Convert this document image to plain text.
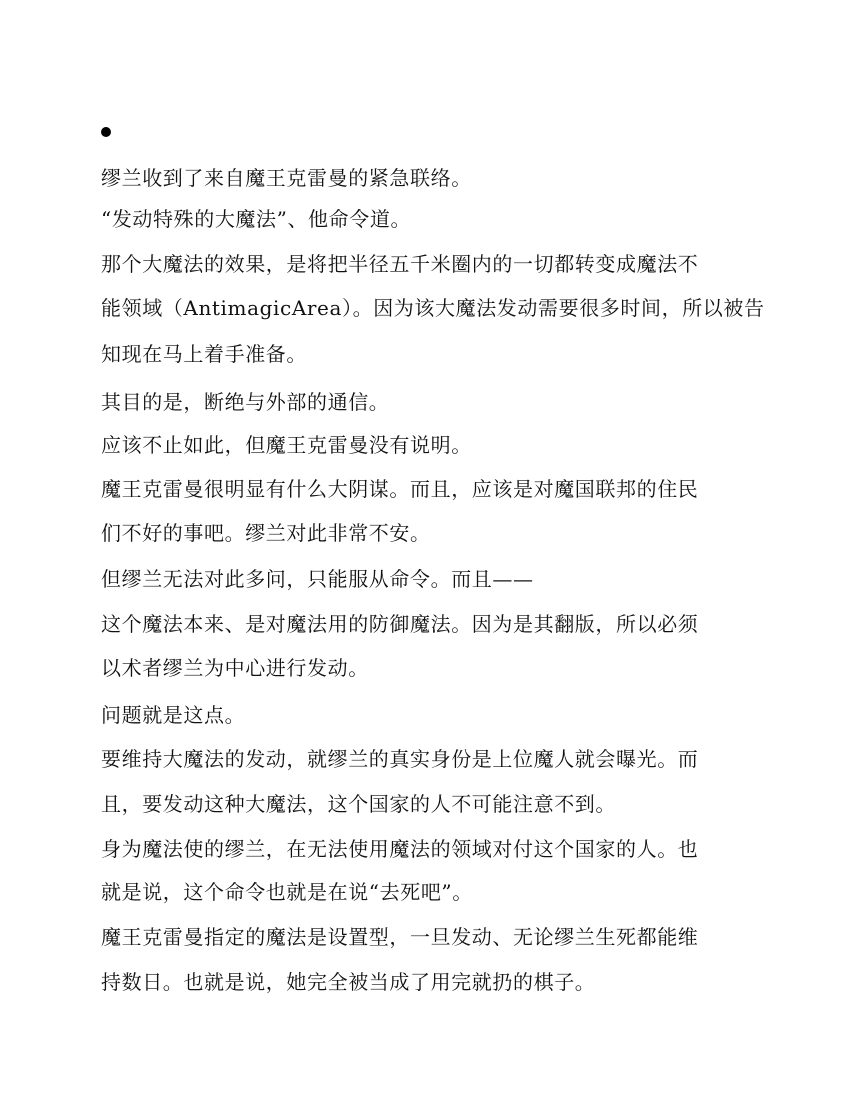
缪兰收到了来自魔王克雷曼的紧急联络。
“发动特殊的大魔法”、他命令道。
那个大魔法的效果，是将把半径五千米圈内的一切都转变成魔法不
能领域（AntimagicArea）。因为该大魔法发动需要很多时间，所以被告
知现在马上着手准备。
其目的是，断绝与外部的通信。
应该不止如此，但魔王克雷曼没有说明。
魔王克雷曼很明显有什么大阴谋。而且，应该是对魔国联邦的住民
们不好的事吧。缪兰对此非常不安。
但缪兰无法对此多问，只能服从命令。而且——
这个魔法本来、是对魔法用的防御魔法。因为是其翻版，所以必须
以术者缪兰为中心进行发动。
问题就是这点。
要维持大魔法的发动，就缪兰的真实身份是上位魔人就会曝光。而
且，要发动这种大魔法，这个国家的人不可能注意不到。
身为魔法使的缪兰，在无法使用魔法的领域对付这个国家的人。也
就是说，这个命令也就是在说“去死吧”。
魔王克雷曼指定的魔法是设置型，一旦发动、无论缪兰生死都能维
持数日。也就是说，她完全被当成了用完就扔的棋子。
